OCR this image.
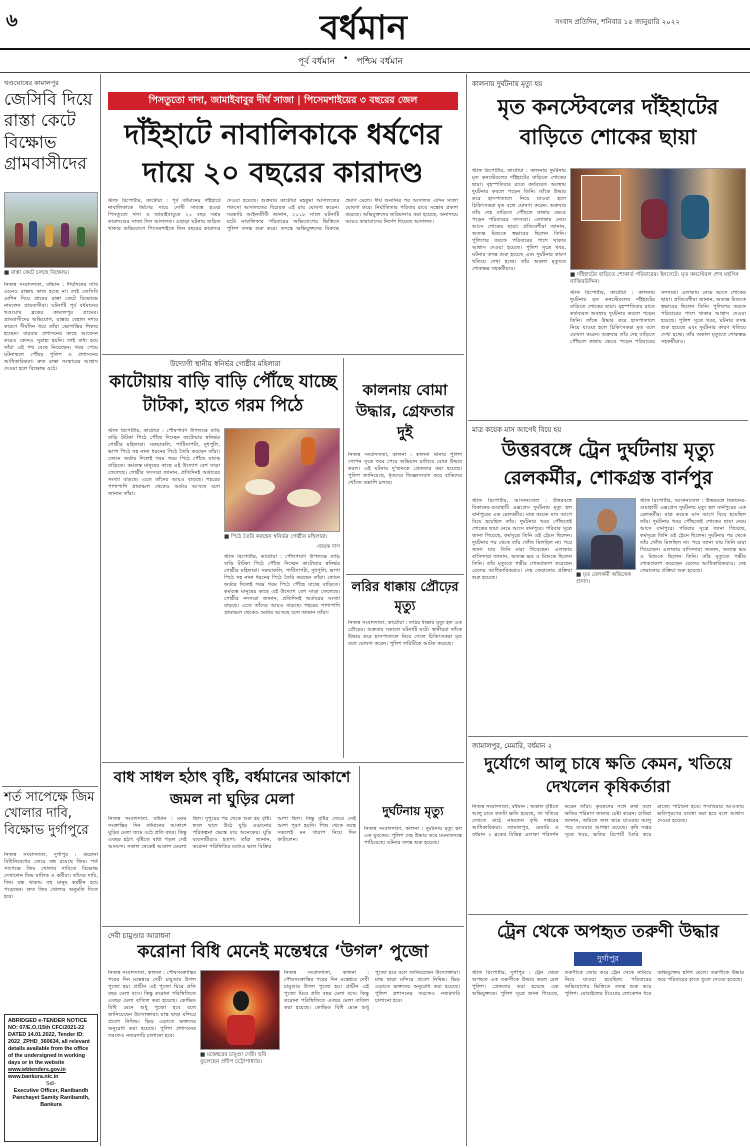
৬	বর্ধমান	সংবাদ প্রতিদিন, শনিবার ১৫ জানুয়ারি ২০২২
পূর্ব বর্ধমান • পশ্চিম বর্ধমান
খণ্ডঘোষের কামালপুর
জেসিবি দিয়ে রাস্তা কেটে বিক্ষোভ গ্রামবাসীদের
■ রাস্তা কেটে চলছে বিক্ষোভ।
নিজস্ব সংবাদদাতা, বর্ধমান : দীর্ঘদিনের দাবি মেনেও রাস্তায় কাজ হচ্ছে না। তাই জেসিবি মেশিন দিয়ে গ্রামের রাস্তা কেটে বিক্ষোভে নামলেন গ্রামবাসীরা। ঘটনাটি পূর্ব বর্ধমানের খণ্ডঘোষ ব্লকের কামালপুর গ্রামের। গ্রামবাসীদের অভিযোগ, রাস্তার বেহাল দশার কারণে দীর্ঘদিন ধরে তাঁরা ভোগান্তির শিকার হচ্ছেন। বারবার প্রশাসনের কাছে আবেদন করেও কোনও সুরাহা হয়নি। তাই বাধ্য হয়ে তাঁরা এই পথ বেছে নিয়েছেন। খবর পেয়ে ঘটনাস্থলে পৌঁছয় পুলিশ ও প্রশাসনের আধিকারিকরা। দ্রুত রাস্তা সংস্কারের আশ্বাস দেওয়া হলে বিক্ষোভ ওঠে।
শর্ত সাপেক্ষে জিম খোলার দাবি, বিক্ষোভ দুর্গাপুরে
নিজস্ব সংবাদদাতা, দুর্গাপুর : করোনা বিধিনিষেধের জেরে বন্ধ রয়েছে জিম। শর্ত সাপেক্ষে জিম খোলার দাবিতে বিক্ষোভ দেখালেন জিম মালিক ও কর্মীরা। তাঁদের দাবি, জিম বন্ধ থাকায় বহু মানুষ কর্মহীন হয়ে পড়েছেন। দ্রুত জিম খোলার অনুমতি দিতে হবে।
ABRIDGED e-TENDER NOTICE NO: 07/E.O./15th CFC/2021-22 DATED 14.01.2022, Tender ID: 2022_ZPHD_360634, all relevant details available from the office of the undersigned in working days or in the website
www.wbtenders.gov.in
www.bankura.nic.in
Sd/-
Executive Officer, Ranibandh Panchayet Samity Ranibandh, Bankura
পিসতুতো দাদা, জামাইবাবুর দীর্ঘ সাজা | পিসেমশাইয়ের ৩ বছরের জেল
দাঁইহাটে নাবালিকাকে ধর্ষণের দায়ে ২০ বছরের কারাদণ্ড
স্টাফ রিপোর্টার, কাটোয়া : পূর্ব বর্ধমানের দাঁইহাটে নাবালিকাকে ধর্ষণের দায়ে দোষী সাব্যস্ত হওয়া পিসতুতো দাদা ও জামাইবাবুকে ২০ বছর সশ্রম কারাদণ্ডের সাজা দিল আদালত। এছাড়া ঘটনায় জড়িত থাকার অভিযোগে পিসেমশাইকে তিন বছরের কারাদণ্ড দেওয়া হয়েছে। শুক্রবার কাটোয়া মহকুমা আদালতের পকসো আদালতের বিচারক এই রায় ঘোষণা করেন। সরকারি আইনজীবী জানান, ২০১৮ সালে ঘটনাটি ঘটে। নাবালিকার পরিবারের অভিযোগের ভিত্তিতে পুলিশ তদন্ত শুরু করে। তদন্তে অভিযুক্তদের বিরুদ্ধে প্রমাণ মেলে। দীর্ঘ শুনানির পর আদালত এদিন সাজা ঘোষণা করে। নির্যাতিতার পরিবার রায়ে সন্তোষ প্রকাশ করেছে। অভিযুক্তদের জরিমানাও করা হয়েছে, অনাদায়ে আরও কারাবাসের নির্দেশ দিয়েছে আদালত।
উদ্যোগী স্থানীয় স্বনির্ভর গোষ্ঠীর মহিলারা
কাটোয়ায় বাড়ি বাড়ি পৌঁছে যাচ্ছে টাটকা, হাতে গরম পিঠে
স্টাফ রিপোর্টার, কাটোয়া : পৌষপার্বণ উপলক্ষে বাড়ি বাড়ি টাটকা পিঠে পৌঁছে দিচ্ছেন কাটোয়ার স্বনির্ভর গোষ্ঠীর মহিলারা। সরুচাকলি, পাটিসাপটা, দুধপুলি, ভাপা পিঠে সহ নানা ধরনের পিঠে তৈরি করছেন তাঁরা। ফোনে অর্ডার দিলেই গরম গরম পিঠে পৌঁছে যাচ্ছে বাড়িতে। কর্মব্যস্ত মানুষের কাছে এই উদ্যোগ বেশ সাড়া ফেলেছে। গোষ্ঠীর সদস্যরা জানান, প্রতিদিনই অর্ডারের সংখ্যা বাড়ছে। এতে তাঁদের আয়ও বাড়ছে। শহরের পাশাপাশি গ্রামাঞ্চল থেকেও অর্ডার আসছে বলে জানান তাঁরা।
■ পিঠে তৈরি করছেন স্বনির্ভর গোষ্ঠীর মহিলারা।
-জয়ন্ত দাস
স্টাফ রিপোর্টার, কাটোয়া : পৌষপার্বণ উপলক্ষে বাড়ি বাড়ি টাটকা পিঠে পৌঁছে দিচ্ছেন কাটোয়ার স্বনির্ভর গোষ্ঠীর মহিলারা। সরুচাকলি, পাটিসাপটা, দুধপুলি, ভাপা পিঠে সহ নানা ধরনের পিঠে তৈরি করছেন তাঁরা। ফোনে অর্ডার দিলেই গরম গরম পিঠে পৌঁছে যাচ্ছে বাড়িতে। কর্মব্যস্ত মানুষের কাছে এই উদ্যোগ বেশ সাড়া ফেলেছে। গোষ্ঠীর সদস্যরা জানান, প্রতিদিনই অর্ডারের সংখ্যা বাড়ছে। এতে তাঁদের আয়ও বাড়ছে। শহরের পাশাপাশি গ্রামাঞ্চল থেকেও অর্ডার আসছে বলে জানান তাঁরা।
কালনায় বোমা উদ্ধার, গ্রেফতার দুই
নিজস্ব সংবাদদাতা, কালনা : কালনা থানার পুলিশ গোপন সূত্রে খবর পেয়ে অভিযান চালিয়ে বোমা উদ্ধার করল। এই ঘটনায় দু'জনকে গ্রেফতার করা হয়েছে। পুলিশ জানিয়েছে, ধৃতদের জিজ্ঞাসাবাদ করে বাকিদের খোঁজে তল্লাশি চলছে।
লরির ধাক্কায় প্রৌঢ়ের মৃত্যু
নিজস্ব সংবাদদাতা, কাটোয়া : লরির ধাক্কায় মৃত্যু হল এক প্রৌঢ়ের। শুক্রবার সকালে ঘটনাটি ঘটে। স্থানীয়রা তাঁকে উদ্ধার করে হাসপাতালে নিয়ে গেলে চিকিৎসকরা মৃত বলে ঘোষণা করেন। পুলিশ লরিটিকে আটক করেছে।
বাধ সাধল হঠাৎ বৃষ্টি, বর্ধমানের আকাশে জমল না ঘুড়ির মেলা
নিজস্ব সংবাদদাতা, বর্ধমান : মকর সংক্রান্তির দিন বর্ধমানের আকাশে ঘুড়ির মেলা জমে ওঠে প্রতি বছর। কিন্তু এবছর হঠাৎ বৃষ্টিতে বাধা পড়ল সেই আনন্দে। সকাল থেকেই আকাশ মেঘলা ছিল। দুপুরের পর থেকে শুরু হয় বৃষ্টি। ফলে ছাদে উঠে ঘুড়ি ওড়ানোর পরিকল্পনা ভেস্তে যায় অনেকের। ঘুড়ি ব্যবসায়ীরাও হতাশ। তাঁরা জানান, করোনা পরিস্থিতির মধ্যেও ভাল বিক্রির আশা ছিল। কিন্তু বৃষ্টির জেরে সেই আশা পূরণ হয়নি। শিশু থেকে বয়স্ক সকলেই মন খারাপ নিয়ে দিন কাটালেন।
দুর্ঘটনায় মৃত্যু
নিজস্ব সংবাদদাতা, কালনা : দুর্ঘটনায় মৃত্যু হল এক যুবকের। পুলিশ দেহ উদ্ধার করে ময়নাতদন্তে পাঠিয়েছে। ঘটনার তদন্ত শুরু হয়েছে।
দেবী চামুণ্ডার আরাধনা
করোনা বিধি মেনেই মন্তেশ্বরে ‘উগল’ পুজো
নিজস্ব সংবাদদাতা, কালনা : পৌষসংক্রান্তির পরের দিন মন্তেশ্বরে দেবী চামুণ্ডার উগল পুজো হয়। প্রাচীন এই পুজো ঘিরে প্রতি বছর মেলা বসে। কিন্তু করোনা পরিস্থিতিতে এবছর মেলা বাতিল করা হয়েছে। কোভিড বিধি মেনে শুধু পুজো হবে বলে জানিয়েছেন উদ্যোক্তারা। মাস্ক ছাড়া মন্দিরে প্রবেশ নিষিদ্ধ। ভিড় এড়াতে ভক্তদের অনুরোধ করা হয়েছে। পুলিশ প্রশাসনের তরফেও নজরদারি চালানো হবে।
■ মন্তেশ্বরের চামুণ্ডা দেবী। ছবি তুলেছেন প্রদীপ চট্টোপাধ্যায়।
নিজস্ব সংবাদদাতা, কালনা : পৌষসংক্রান্তির পরের দিন মন্তেশ্বরে দেবী চামুণ্ডার উগল পুজো হয়। প্রাচীন এই পুজো ঘিরে প্রতি বছর মেলা বসে। কিন্তু করোনা পরিস্থিতিতে এবছর মেলা বাতিল করা হয়েছে। কোভিড বিধি মেনে শুধু পুজো হবে বলে জানিয়েছেন উদ্যোক্তারা। মাস্ক ছাড়া মন্দিরে প্রবেশ নিষিদ্ধ। ভিড় এড়াতে ভক্তদের অনুরোধ করা হয়েছে। পুলিশ প্রশাসনের তরফেও নজরদারি চালানো হবে।
কালনায় দুর্ঘটনায় মৃত্যু হয়
মৃত কনস্টেবলের দাঁইহাটের বাড়িতে শোকের ছায়া
স্টাফ রিপোর্টার, কাটোয়া : কালনায় দুর্ঘটনায় মৃত কনস্টেবলের দাঁইহাটের বাড়িতে শোকের ছায়া। বৃহস্পতিবার রাতে কর্তব্যরত অবস্থায় দুর্ঘটনার কবলে পড়েন তিনি। তাঁকে উদ্ধার করে হাসপাতালে নিয়ে যাওয়া হলে চিকিৎসকরা মৃত বলে ঘোষণা করেন। শুক্রবার তাঁর দেহ বাড়িতে পৌঁছলে কান্নায় ভেঙে পড়েন পরিবারের সদস্যরা। এলাকায় নেমে আসে শোকের ছায়া। প্রতিবেশীরা জানান, অত্যন্ত মিশুকে স্বভাবের ছিলেন তিনি। পুলিশের তরফে পরিবারের পাশে থাকার আশ্বাস দেওয়া হয়েছে। পুলিশ সূত্রে খবর, ঘটনার তদন্ত শুরু হয়েছে এবং দুর্ঘটনার কারণ খতিয়ে দেখা হচ্ছে। তাঁর অকাল মৃত্যুতে শোকস্তব্ধ সহকর্মীরাও।
■ দাঁইহাটের বাড়িতে শোকার্ত পরিবারের। ইনসেটে: মৃত কনস্টেবল শেখ মহসিন নাজিরউদ্দিন।
স্টাফ রিপোর্টার, কাটোয়া : কালনায় দুর্ঘটনায় মৃত কনস্টেবলের দাঁইহাটের বাড়িতে শোকের ছায়া। বৃহস্পতিবার রাতে কর্তব্যরত অবস্থায় দুর্ঘটনার কবলে পড়েন তিনি। তাঁকে উদ্ধার করে হাসপাতালে নিয়ে যাওয়া হলে চিকিৎসকরা মৃত বলে ঘোষণা করেন। শুক্রবার তাঁর দেহ বাড়িতে পৌঁছলে কান্নায় ভেঙে পড়েন পরিবারের সদস্যরা। এলাকায় নেমে আসে শোকের ছায়া। প্রতিবেশীরা জানান, অত্যন্ত মিশুকে স্বভাবের ছিলেন তিনি। পুলিশের তরফে পরিবারের পাশে থাকার আশ্বাস দেওয়া হয়েছে। পুলিশ সূত্রে খবর, ঘটনার তদন্ত শুরু হয়েছে এবং দুর্ঘটনার কারণ খতিয়ে দেখা হচ্ছে। তাঁর অকাল মৃত্যুতে শোকস্তব্ধ সহকর্মীরাও।
মাত্র কয়েক মাস আগেই বিয়ে হয়
উত্তরবঙ্গে ট্রেন দুর্ঘটনায় মৃত্যু রেলকর্মীর, শোকগ্রস্ত বার্নপুর
স্টাফ রিপোর্টার, আসানসোল : উত্তরবঙ্গে বিকানের-গুয়াহাটি এক্সপ্রেস দুর্ঘটনায় মৃত্যু হল বার্নপুরের এক রেলকর্মীর। মাত্র কয়েক মাস আগে বিয়ে হয়েছিল তাঁর। দুর্ঘটনার খবর পৌঁছতেই শোকের ছায়া নেমে আসে বার্নপুরে। পরিবার সূত্রে জানা গিয়েছে, কর্মসূত্রে তিনি ওই ট্রেনে ছিলেন। দুর্ঘটনার পর থেকে তাঁর খোঁজ মিলছিল না। পরে জানা যায় তিনি মারা গিয়েছেন। এলাকার বাসিন্দারা জানান, অত্যন্ত ভদ্র ও মিশুকে ছিলেন তিনি। তাঁর মৃত্যুতে গভীর শোকপ্রকাশ করেছেন রেলের আধিকারিকরাও। দেহ ফেরানোর প্রক্রিয়া শুরু হয়েছে।	■ মৃত রেলকর্মী অভিষেক প্রসাদ।
স্টাফ রিপোর্টার, আসানসোল : উত্তরবঙ্গে বিকানের-গুয়াহাটি এক্সপ্রেস দুর্ঘটনায় মৃত্যু হল বার্নপুরের এক রেলকর্মীর। মাত্র কয়েক মাস আগে বিয়ে হয়েছিল তাঁর। দুর্ঘটনার খবর পৌঁছতেই শোকের ছায়া নেমে আসে বার্নপুরে। পরিবার সূত্রে জানা গিয়েছে, কর্মসূত্রে তিনি ওই ট্রেনে ছিলেন। দুর্ঘটনার পর থেকে তাঁর খোঁজ মিলছিল না। পরে জানা যায় তিনি মারা গিয়েছেন। এলাকার বাসিন্দারা জানান, অত্যন্ত ভদ্র ও মিশুকে ছিলেন তিনি। তাঁর মৃত্যুতে গভীর শোকপ্রকাশ করেছেন রেলের আধিকারিকরাও। দেহ ফেরানোর প্রক্রিয়া শুরু হয়েছে।
জামালপুর, মেমারি, বর্ধমান ২
দুর্যোগে আলু চাষে ক্ষতি কেমন, খতিয়ে দেখলেন কৃষিকর্তারা
নিজস্ব সংবাদদাতা, বর্ধমান : অকাল বৃষ্টিতে আলু চাষে কতটা ক্ষতি হয়েছে, তা খতিয়ে দেখতে মাঠে নামলেন কৃষি দপ্তরের আধিকারিকরা। জামালপুর, মেমারি ও বর্ধমান ২ ব্লকের বিভিন্ন এলাকা পরিদর্শন করেন তাঁরা। কৃষকদের সঙ্গে কথা বলে ক্ষতির পরিমাণ জানার চেষ্টা করেন। চাষিরা জানান, জমিতে জল জমে যাওয়ায় আলু পচে যাওয়ার আশঙ্কা রয়েছে। কৃষি দপ্তর সূত্রে খবর, ক্ষতির রিপোর্ট তৈরি করে রাজ্যে পাঠানো হবে। শস্যবিমার আওতায় ক্ষতিপূরণের ব্যবস্থা করা হবে বলে আশ্বাস দেওয়া হয়েছে।
ট্রেন থেকে অপহৃত তরুণী উদ্ধার
দুর্গাপুর
স্টাফ রিপোর্টার, দুর্গাপুর : ট্রেন থেকে অপহৃত এক তরুণীকে উদ্ধার করল রেল পুলিশ। গ্রেফতার করা হয়েছে এক অভিযুক্তকে। পুলিশ সূত্রে জানা গিয়েছে, তরুণীকে জোর করে ট্রেন থেকে নামিয়ে নিয়ে যাওয়া হয়েছিল। পরিবারের অভিযোগের ভিত্তিতে তদন্ত শুরু করে পুলিশ। মোবাইলের টাওয়ার লোকেশন ধরে অভিযুক্তের হদিশ মেলে। তরুণীকে উদ্ধার করে পরিবারের হাতে তুলে দেওয়া হয়েছে।
